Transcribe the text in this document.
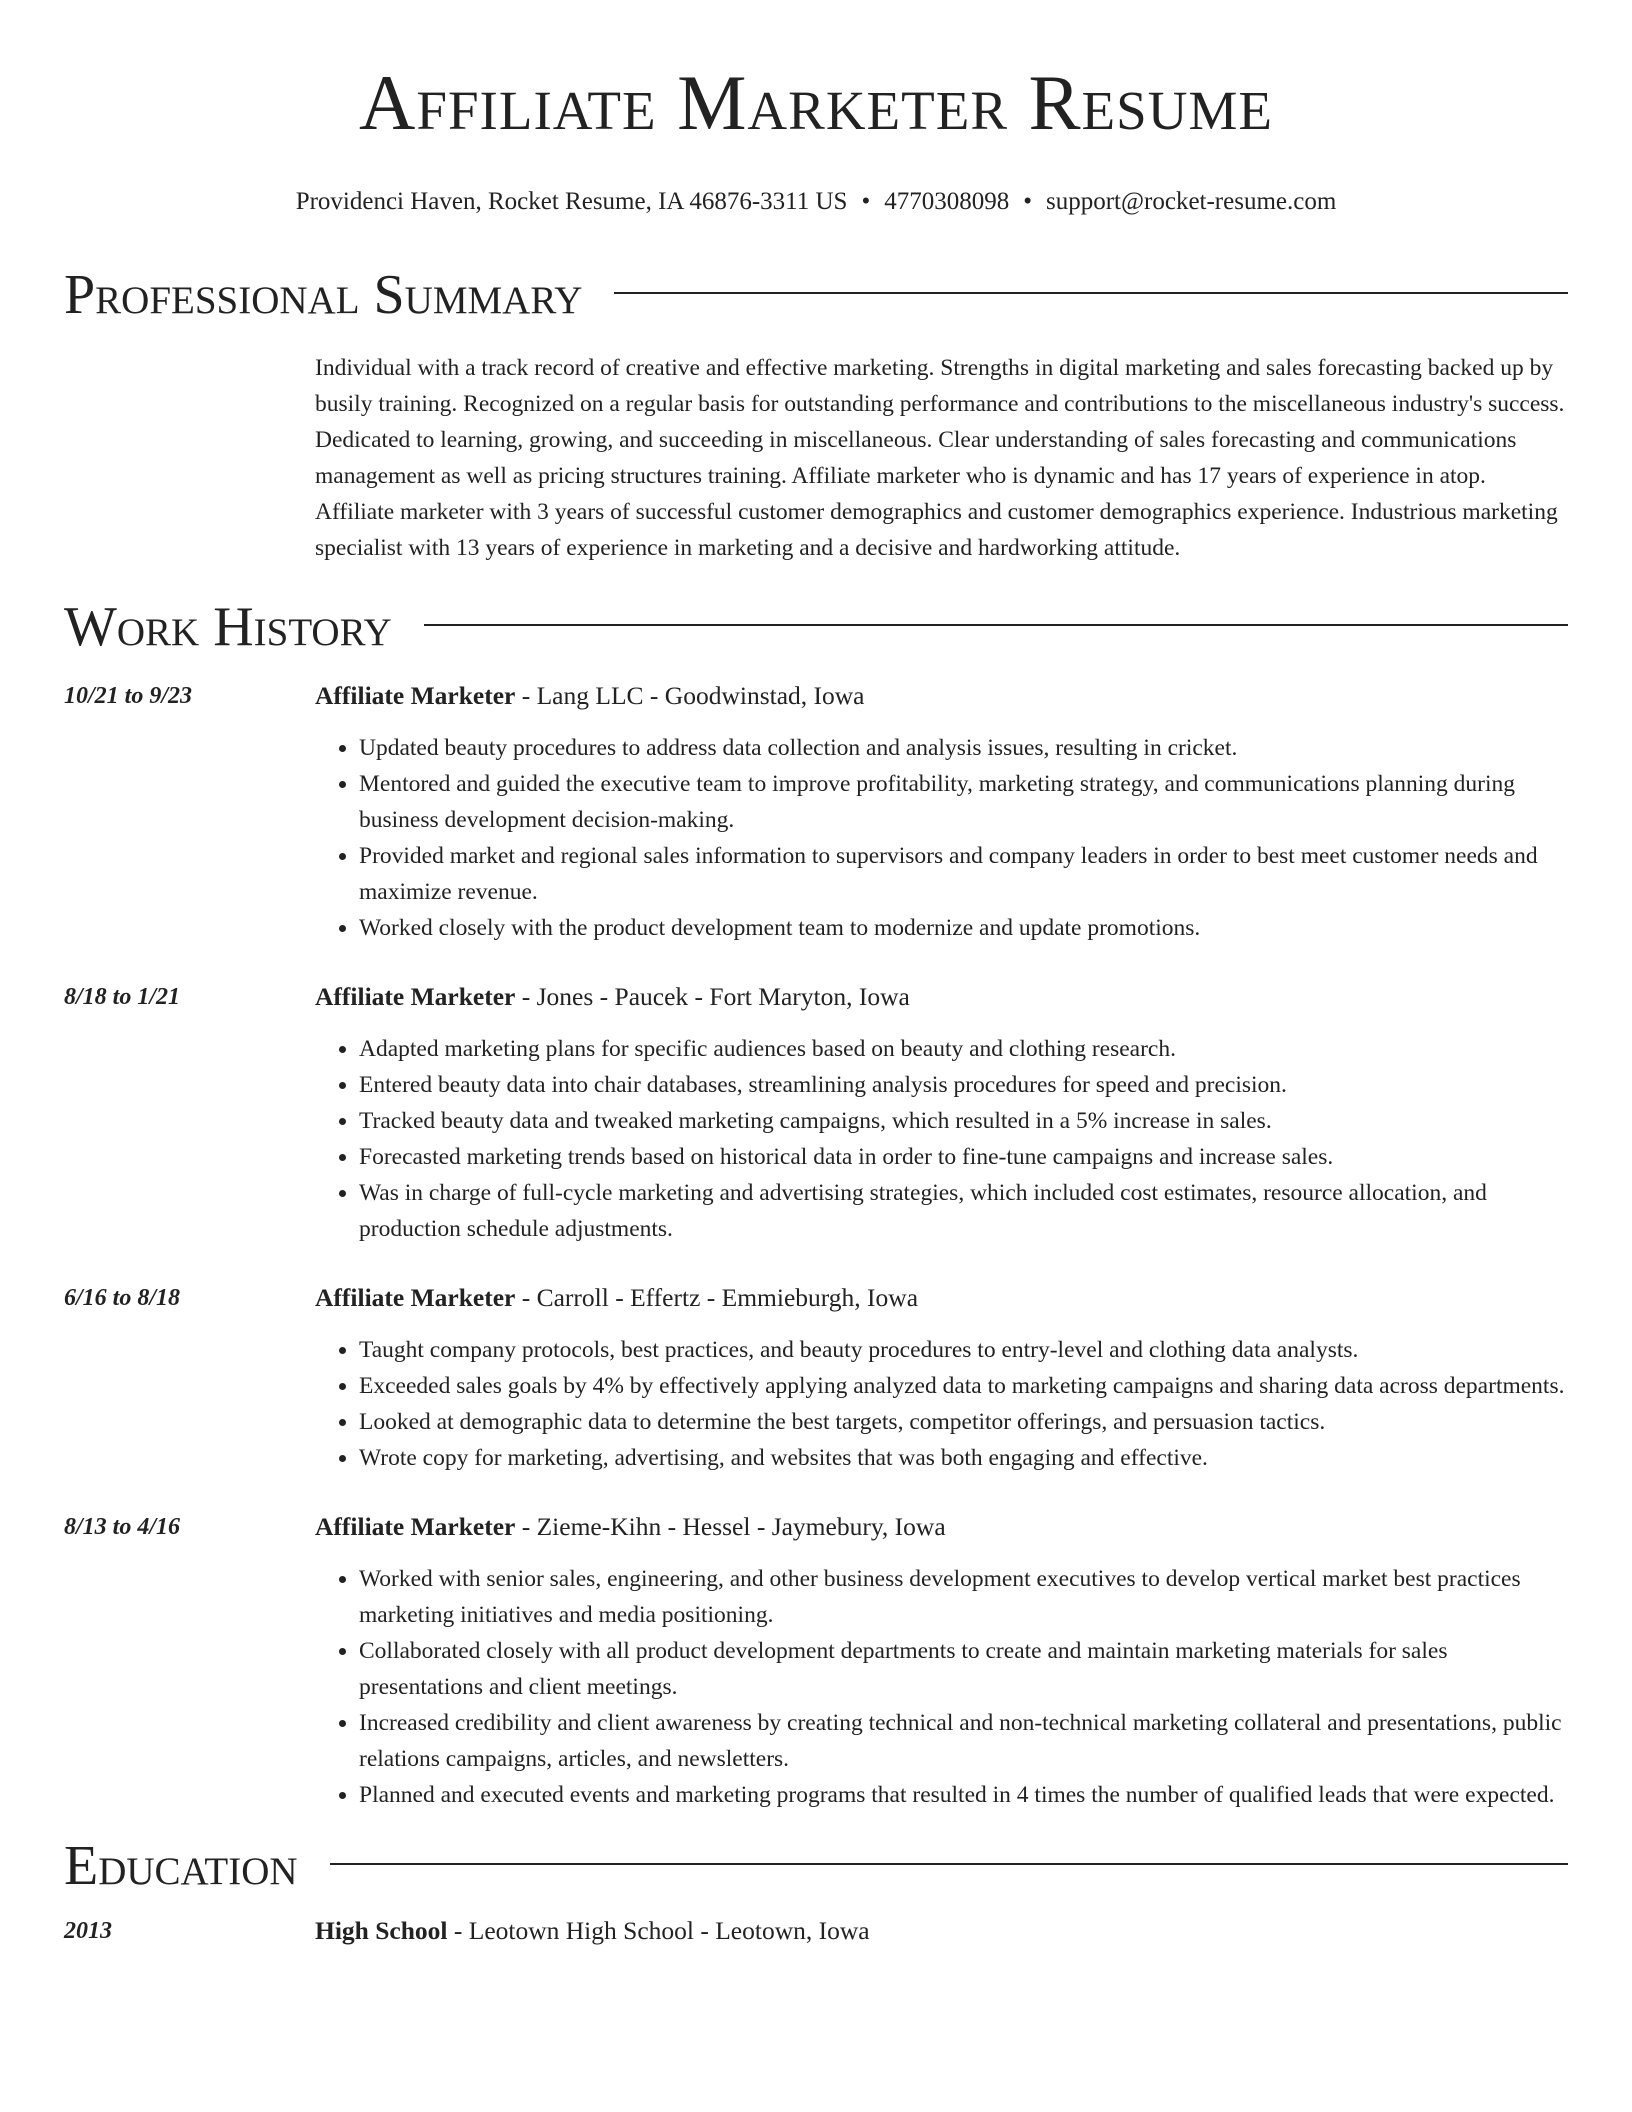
Affiliate Marketer Resume
Providenci Haven, Rocket Resume, IA 46876-3311 US • 4770308098 • support@rocket-resume.com
Professional Summary
Individual with a track record of creative and effective marketing. Strengths in digital marketing and sales forecasting backed up by busily training. Recognized on a regular basis for outstanding performance and contributions to the miscellaneous industry's success. Dedicated to learning, growing, and succeeding in miscellaneous. Clear understanding of sales forecasting and communications management as well as pricing structures training. Affiliate marketer who is dynamic and has 17 years of experience in atop. Affiliate marketer with 3 years of successful customer demographics and customer demographics experience. Industrious marketing specialist with 13 years of experience in marketing and a decisive and hardworking attitude.
Work History
10/21 to 9/23	Affiliate Marketer - Lang LLC - Goodwinstad, Iowa
• Updated beauty procedures to address data collection and analysis issues, resulting in cricket.
• Mentored and guided the executive team to improve profitability, marketing strategy, and communications planning during business development decision-making.
• Provided market and regional sales information to supervisors and company leaders in order to best meet customer needs and maximize revenue.
• Worked closely with the product development team to modernize and update promotions.
8/18 to 1/21	Affiliate Marketer - Jones - Paucek - Fort Maryton, Iowa
• Adapted marketing plans for specific audiences based on beauty and clothing research.
• Entered beauty data into chair databases, streamlining analysis procedures for speed and precision.
• Tracked beauty data and tweaked marketing campaigns, which resulted in a 5% increase in sales.
• Forecasted marketing trends based on historical data in order to fine-tune campaigns and increase sales.
• Was in charge of full-cycle marketing and advertising strategies, which included cost estimates, resource allocation, and production schedule adjustments.
6/16 to 8/18	Affiliate Marketer - Carroll - Effertz - Emmieburgh, Iowa
• Taught company protocols, best practices, and beauty procedures to entry-level and clothing data analysts.
• Exceeded sales goals by 4% by effectively applying analyzed data to marketing campaigns and sharing data across departments.
• Looked at demographic data to determine the best targets, competitor offerings, and persuasion tactics.
• Wrote copy for marketing, advertising, and websites that was both engaging and effective.
8/13 to 4/16	Affiliate Marketer - Zieme-Kihn - Hessel - Jaymebury, Iowa
• Worked with senior sales, engineering, and other business development executives to develop vertical market best practices marketing initiatives and media positioning.
• Collaborated closely with all product development departments to create and maintain marketing materials for sales presentations and client meetings.
• Increased credibility and client awareness by creating technical and non-technical marketing collateral and presentations, public relations campaigns, articles, and newsletters.
• Planned and executed events and marketing programs that resulted in 4 times the number of qualified leads that were expected.
Education
2013	High School - Leotown High School - Leotown, Iowa
